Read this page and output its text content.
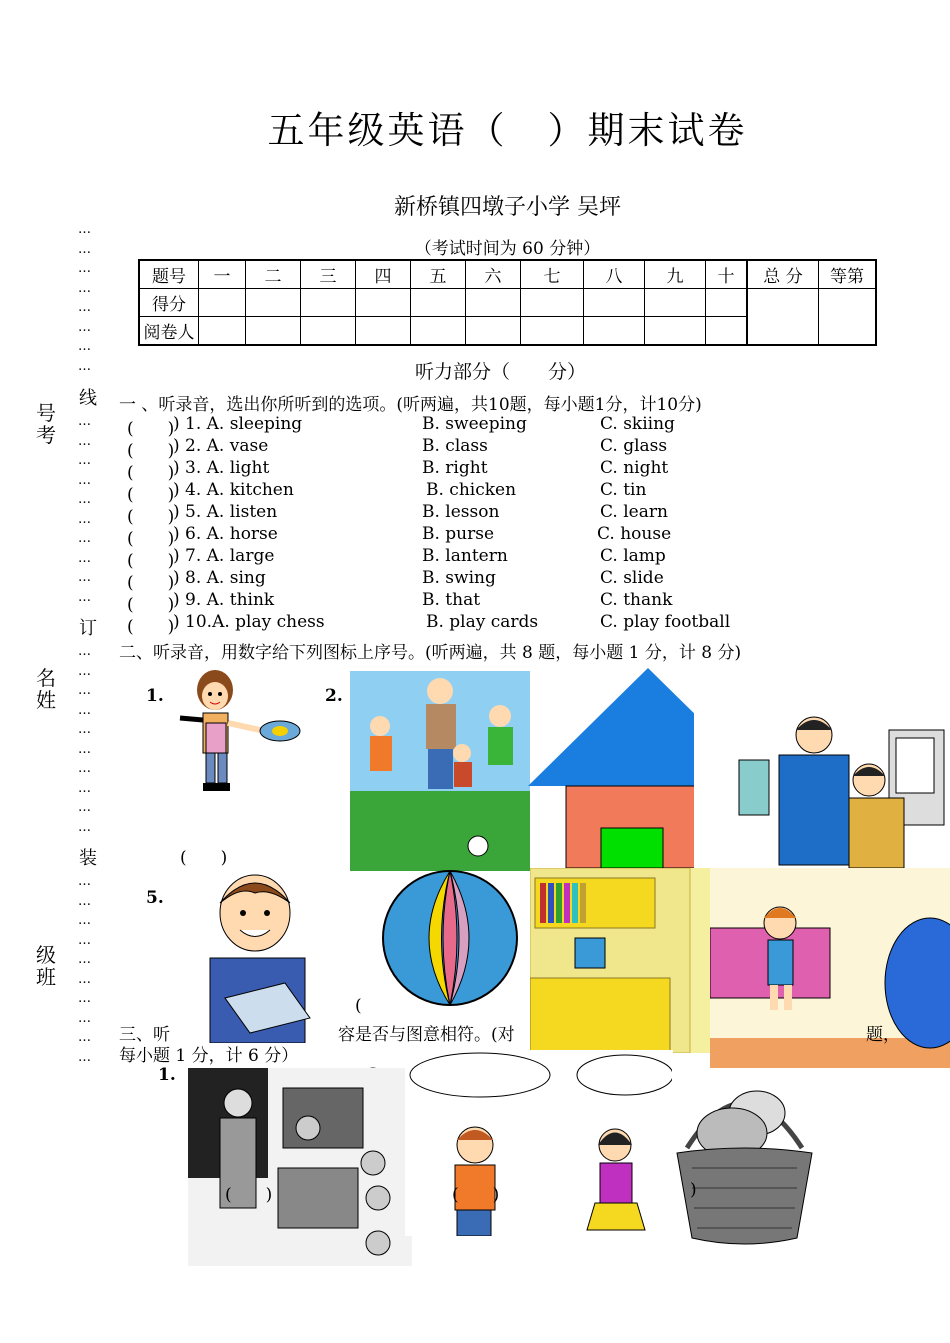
五年级英语（　）期末试卷
新桥镇四墩子小学 吴坪
（考试时间为 60 分钟）
题号	一	二	三	四	五	六	七	八	九	十	总 分	等第
得分												
阅卷人												
听力部分（　　分）
…
…
…
…
…
…
…
…
线
…
…
…
…
…
…
…
…
…
…
订
…
…
…
…
…
…
…
…
…
…
装
…
…
…
…
…
…
…
…
…
…
号
考
名
姓
级
班
一 、听录音，选出你所听到的选项。(听两遍，共10题，每小题1分，计10分)
(　　)
) 1. A. sleeping	B. sweeping	C. skiing
(　　)
) 2. A. vase	B. class	C. glass
(　　)
) 3. A. light	B. right	C. night
(　　)
) 4. A. kitchen	B. chicken	C. tin
(　　)
) 5. A. listen	B. lesson	C. learn
(　　)
) 6. A. horse	B. purse	C. house
(　　)
) 7. A. large	B. lantern	C. lamp
(　　)
) 8. A. sing	B. swing	C. slide
(　　)
) 9. A. think	B. that	C. thank
(　　)
) 10.A. play chess	B. play cards	C. play football
二、听录音，用数字给下列图标上序号。(听两遍，共 8 题，每小题 1 分，计 8 分)
1.	2.
5.
(　　)
(
三、听	容是否与图意相符。(对	题，
每小题 1 分，计 6 分）
1.
(　　)	(　　)	)
